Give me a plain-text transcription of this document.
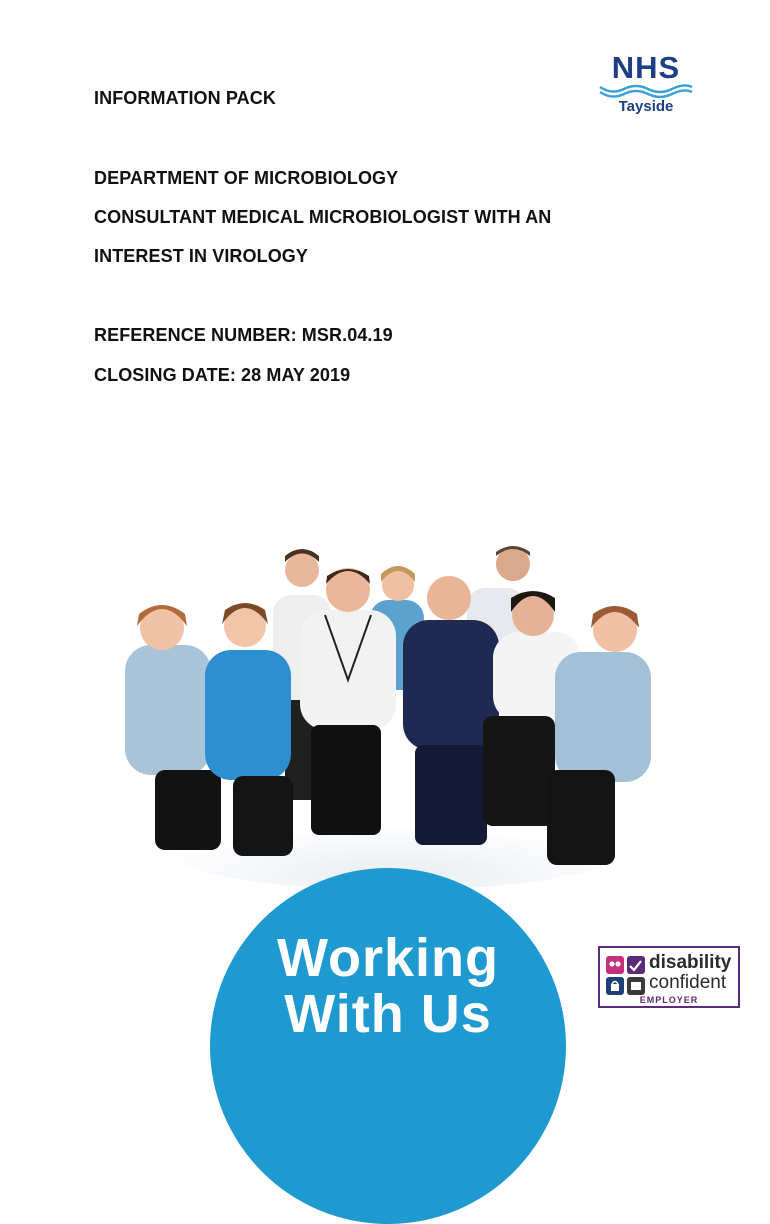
NHS
Tayside
INFORMATION PACK
DEPARTMENT OF MICROBIOLOGY
CONSULTANT MEDICAL MICROBIOLOGIST WITH AN
INTEREST IN VIROLOGY
REFERENCE NUMBER: MSR.04.19
CLOSING DATE: 28 MAY 2019
Working
With Us
disability
confident
EMPLOYER
